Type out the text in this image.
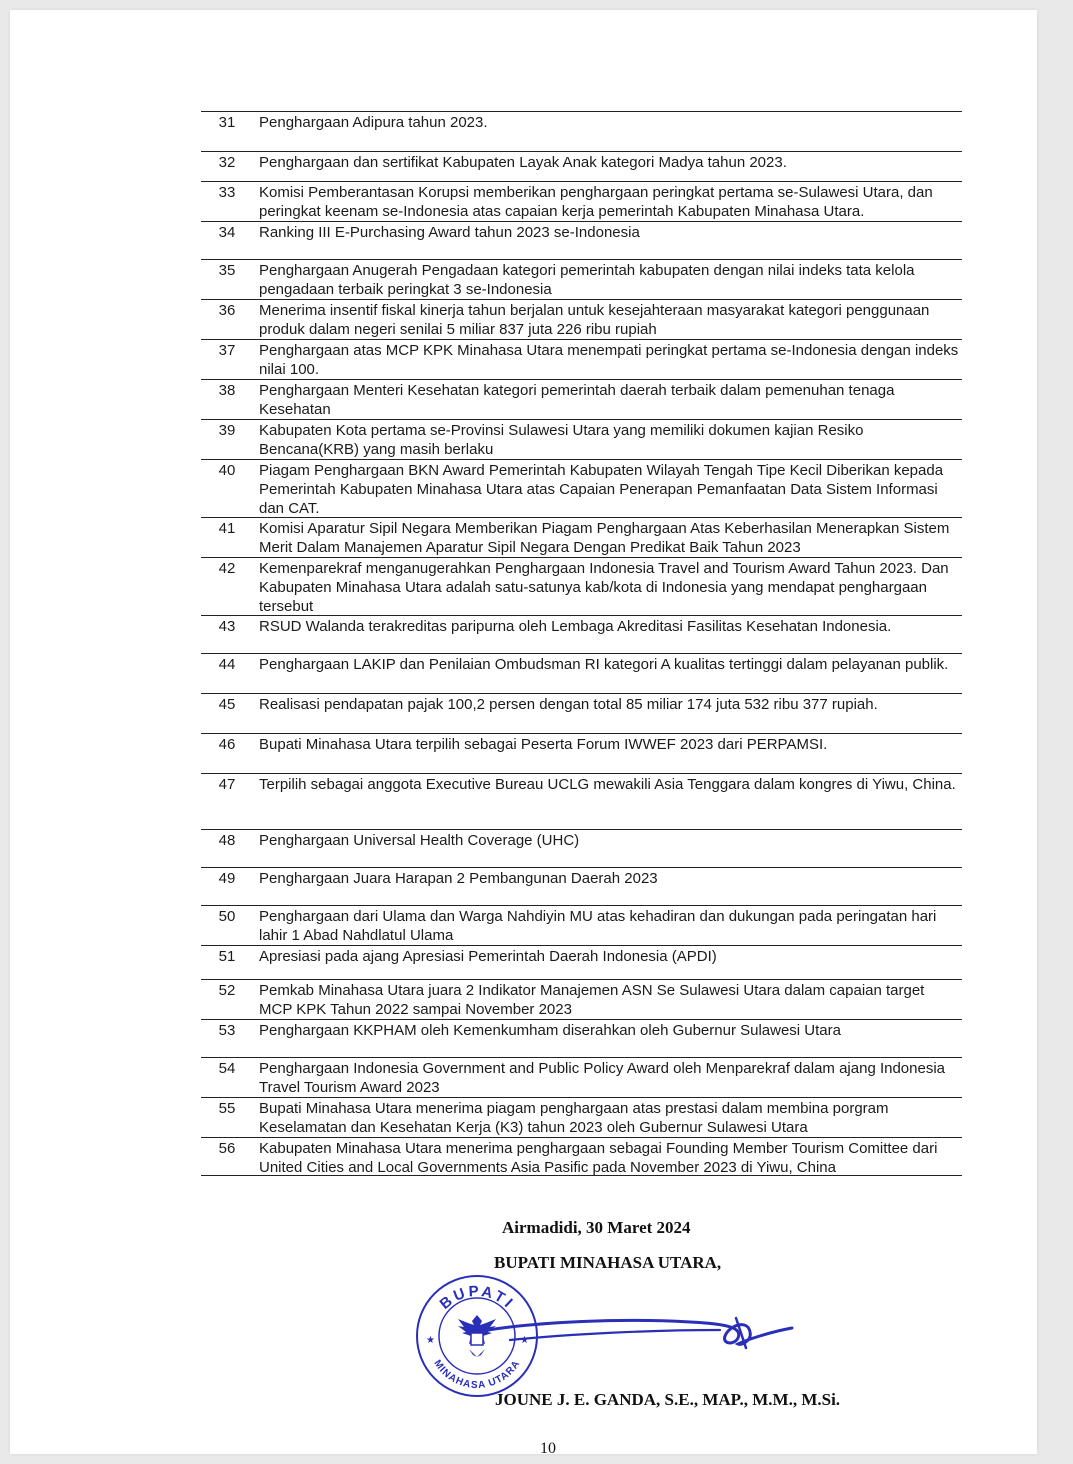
31	Penghargaan Adipura tahun 2023.
32	Penghargaan dan sertifikat Kabupaten Layak Anak kategori Madya tahun 2023.
33	Komisi Pemberantasan Korupsi memberikan penghargaan peringkat pertama se-Sulawesi Utara, dan peringkat keenam se-Indonesia atas capaian kerja pemerintah Kabupaten Minahasa Utara.
34	Ranking III E-Purchasing Award tahun 2023 se-Indonesia
35	Penghargaan Anugerah Pengadaan kategori pemerintah kabupaten dengan nilai indeks tata kelola pengadaan terbaik peringkat 3 se-Indonesia
36	Menerima insentif fiskal kinerja tahun berjalan untuk kesejahteraan masyarakat kategori penggunaan produk dalam negeri senilai 5 miliar 837 juta 226 ribu rupiah
37	Penghargaan atas MCP KPK Minahasa Utara menempati peringkat pertama se-Indonesia dengan indeks nilai 100.
38	Penghargaan Menteri Kesehatan kategori pemerintah daerah terbaik dalam pemenuhan tenaga Kesehatan
39	Kabupaten Kota pertama se-Provinsi Sulawesi Utara yang memiliki dokumen kajian Resiko Bencana(KRB) yang masih berlaku
40	Piagam Penghargaan BKN Award Pemerintah Kabupaten Wilayah Tengah Tipe Kecil Diberikan kepada Pemerintah Kabupaten Minahasa Utara atas Capaian Penerapan Pemanfaatan Data Sistem Informasi dan CAT.
41	Komisi Aparatur Sipil Negara Memberikan Piagam Penghargaan Atas Keberhasilan Menerapkan Sistem Merit Dalam Manajemen Aparatur Sipil Negara Dengan Predikat Baik Tahun 2023
42	Kemenparekraf menganugerahkan Penghargaan Indonesia Travel and Tourism Award Tahun 2023. Dan Kabupaten Minahasa Utara adalah satu-satunya kab/kota di Indonesia yang mendapat penghargaan tersebut
43	RSUD Walanda terakreditas paripurna oleh Lembaga Akreditasi Fasilitas Kesehatan Indonesia.
44	Penghargaan LAKIP dan Penilaian Ombudsman RI kategori A kualitas tertinggi dalam pelayanan publik.
45	Realisasi pendapatan pajak 100,2 persen dengan total 85 miliar 174 juta 532 ribu 377 rupiah.
46	Bupati Minahasa Utara terpilih sebagai Peserta Forum IWWEF 2023 dari PERPAMSI.
47	Terpilih sebagai anggota Executive Bureau UCLG mewakili Asia Tenggara dalam kongres di Yiwu, China.
48	Penghargaan Universal Health Coverage (UHC)
49	Penghargaan Juara Harapan 2 Pembangunan Daerah 2023
50	Penghargaan dari Ulama dan Warga Nahdiyin MU atas kehadiran dan dukungan pada peringatan hari lahir 1 Abad Nahdlatul Ulama
51	Apresiasi pada ajang Apresiasi Pemerintah Daerah Indonesia (APDI)
52	Pemkab Minahasa Utara juara 2 Indikator Manajemen ASN Se Sulawesi Utara dalam capaian target MCP KPK Tahun 2022 sampai November 2023
53	Penghargaan KKPHAM oleh Kemenkumham diserahkan oleh Gubernur Sulawesi Utara
54	Penghargaan Indonesia Government and Public Policy Award oleh Menparekraf dalam ajang Indonesia Travel Tourism Award 2023
55	Bupati Minahasa Utara menerima piagam penghargaan atas prestasi dalam membina porgram Keselamatan dan Kesehatan Kerja (K3) tahun 2023 oleh Gubernur Sulawesi Utara
56	Kabupaten Minahasa Utara menerima penghargaan sebagai Founding Member Tourism Comittee dari United Cities and Local Governments Asia Pasific pada November 2023 di Yiwu, China
Airmadidi, 30 Maret 2024
BUPATI MINAHASA UTARA,
BUPATI
MINAHASA UTARA
★	★
JOUNE J. E. GANDA, S.E., MAP., M.M., M.Si.
10
